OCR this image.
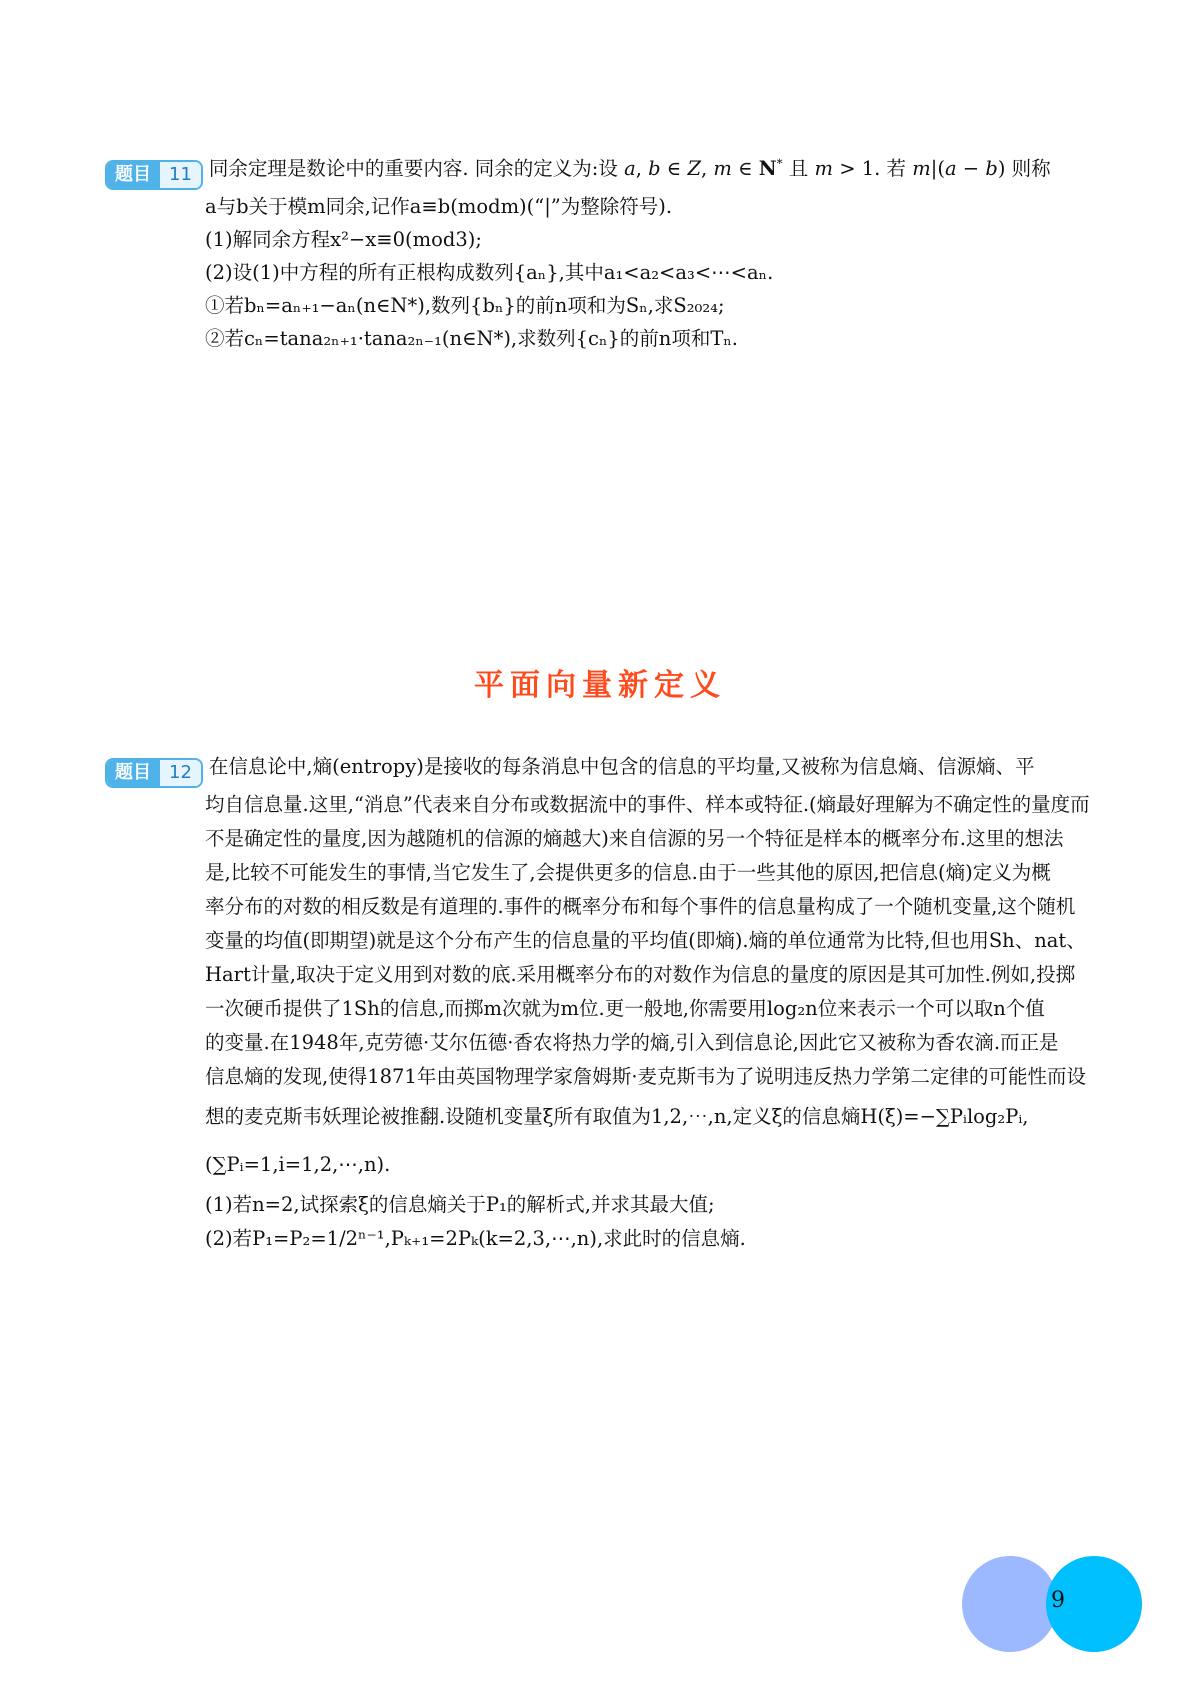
题目	11 同余定理是数论中的重要内容. 同余的定义为:设 a, b ∈ Z, m ∈ N* 且 m > 1. 若 m|(a − b) 则称
a与b关于模m同余,记作a≡b(modm)(“|”为整除符号).
(1)解同余方程x²−x≡0(mod3);
(2)设(1)中方程的所有正根构成数列{aₙ},其中a₁<a₂<a₃<⋯<aₙ.
①若bₙ=aₙ₊₁−aₙ(n∈N*),数列{bₙ}的前n项和为Sₙ,求S₂₀₂₄;
②若cₙ=tana₂ₙ₊₁·tana₂ₙ₋₁(n∈N*),求数列{cₙ}的前n项和Tₙ.
平面向量新定义
题目	12 在信息论中,熵(entropy)是接收的每条消息中包含的信息的平均量,又被称为信息熵、信源熵、平
均自信息量.这里,“消息”代表来自分布或数据流中的事件、样本或特征.(熵最好理解为不确定性的量度而
不是确定性的量度,因为越随机的信源的熵越大)来自信源的另一个特征是样本的概率分布.这里的想法
是,比较不可能发生的事情,当它发生了,会提供更多的信息.由于一些其他的原因,把信息(熵)定义为概
率分布的对数的相反数是有道理的.事件的概率分布和每个事件的信息量构成了一个随机变量,这个随机
变量的均值(即期望)就是这个分布产生的信息量的平均值(即熵).熵的单位通常为比特,但也用Sh、nat、
Hart计量,取决于定义用到对数的底.采用概率分布的对数作为信息的量度的原因是其可加性.例如,投掷
一次硬币提供了1Sh的信息,而掷m次就为m位.更一般地,你需要用log₂n位来表示一个可以取n个值
的变量.在1948年,克劳德·艾尔伍德·香农将热力学的熵,引入到信息论,因此它又被称为香农滴.而正是
信息熵的发现,使得1871年由英国物理学家詹姆斯·麦克斯韦为了说明违反热力学第二定律的可能性而设
想的麦克斯韦妖理论被推翻.设随机变量ξ所有取值为1,2,⋯,n,定义ξ的信息熵H(ξ)=−∑Pᵢlog₂Pᵢ,
(∑Pᵢ=1,i=1,2,⋯,n).
(1)若n=2,试探索ξ的信息熵关于P₁的解析式,并求其最大值;
(2)若P₁=P₂=1/2ⁿ⁻¹,Pₖ₊₁=2Pₖ(k=2,3,⋯,n),求此时的信息熵.
9
